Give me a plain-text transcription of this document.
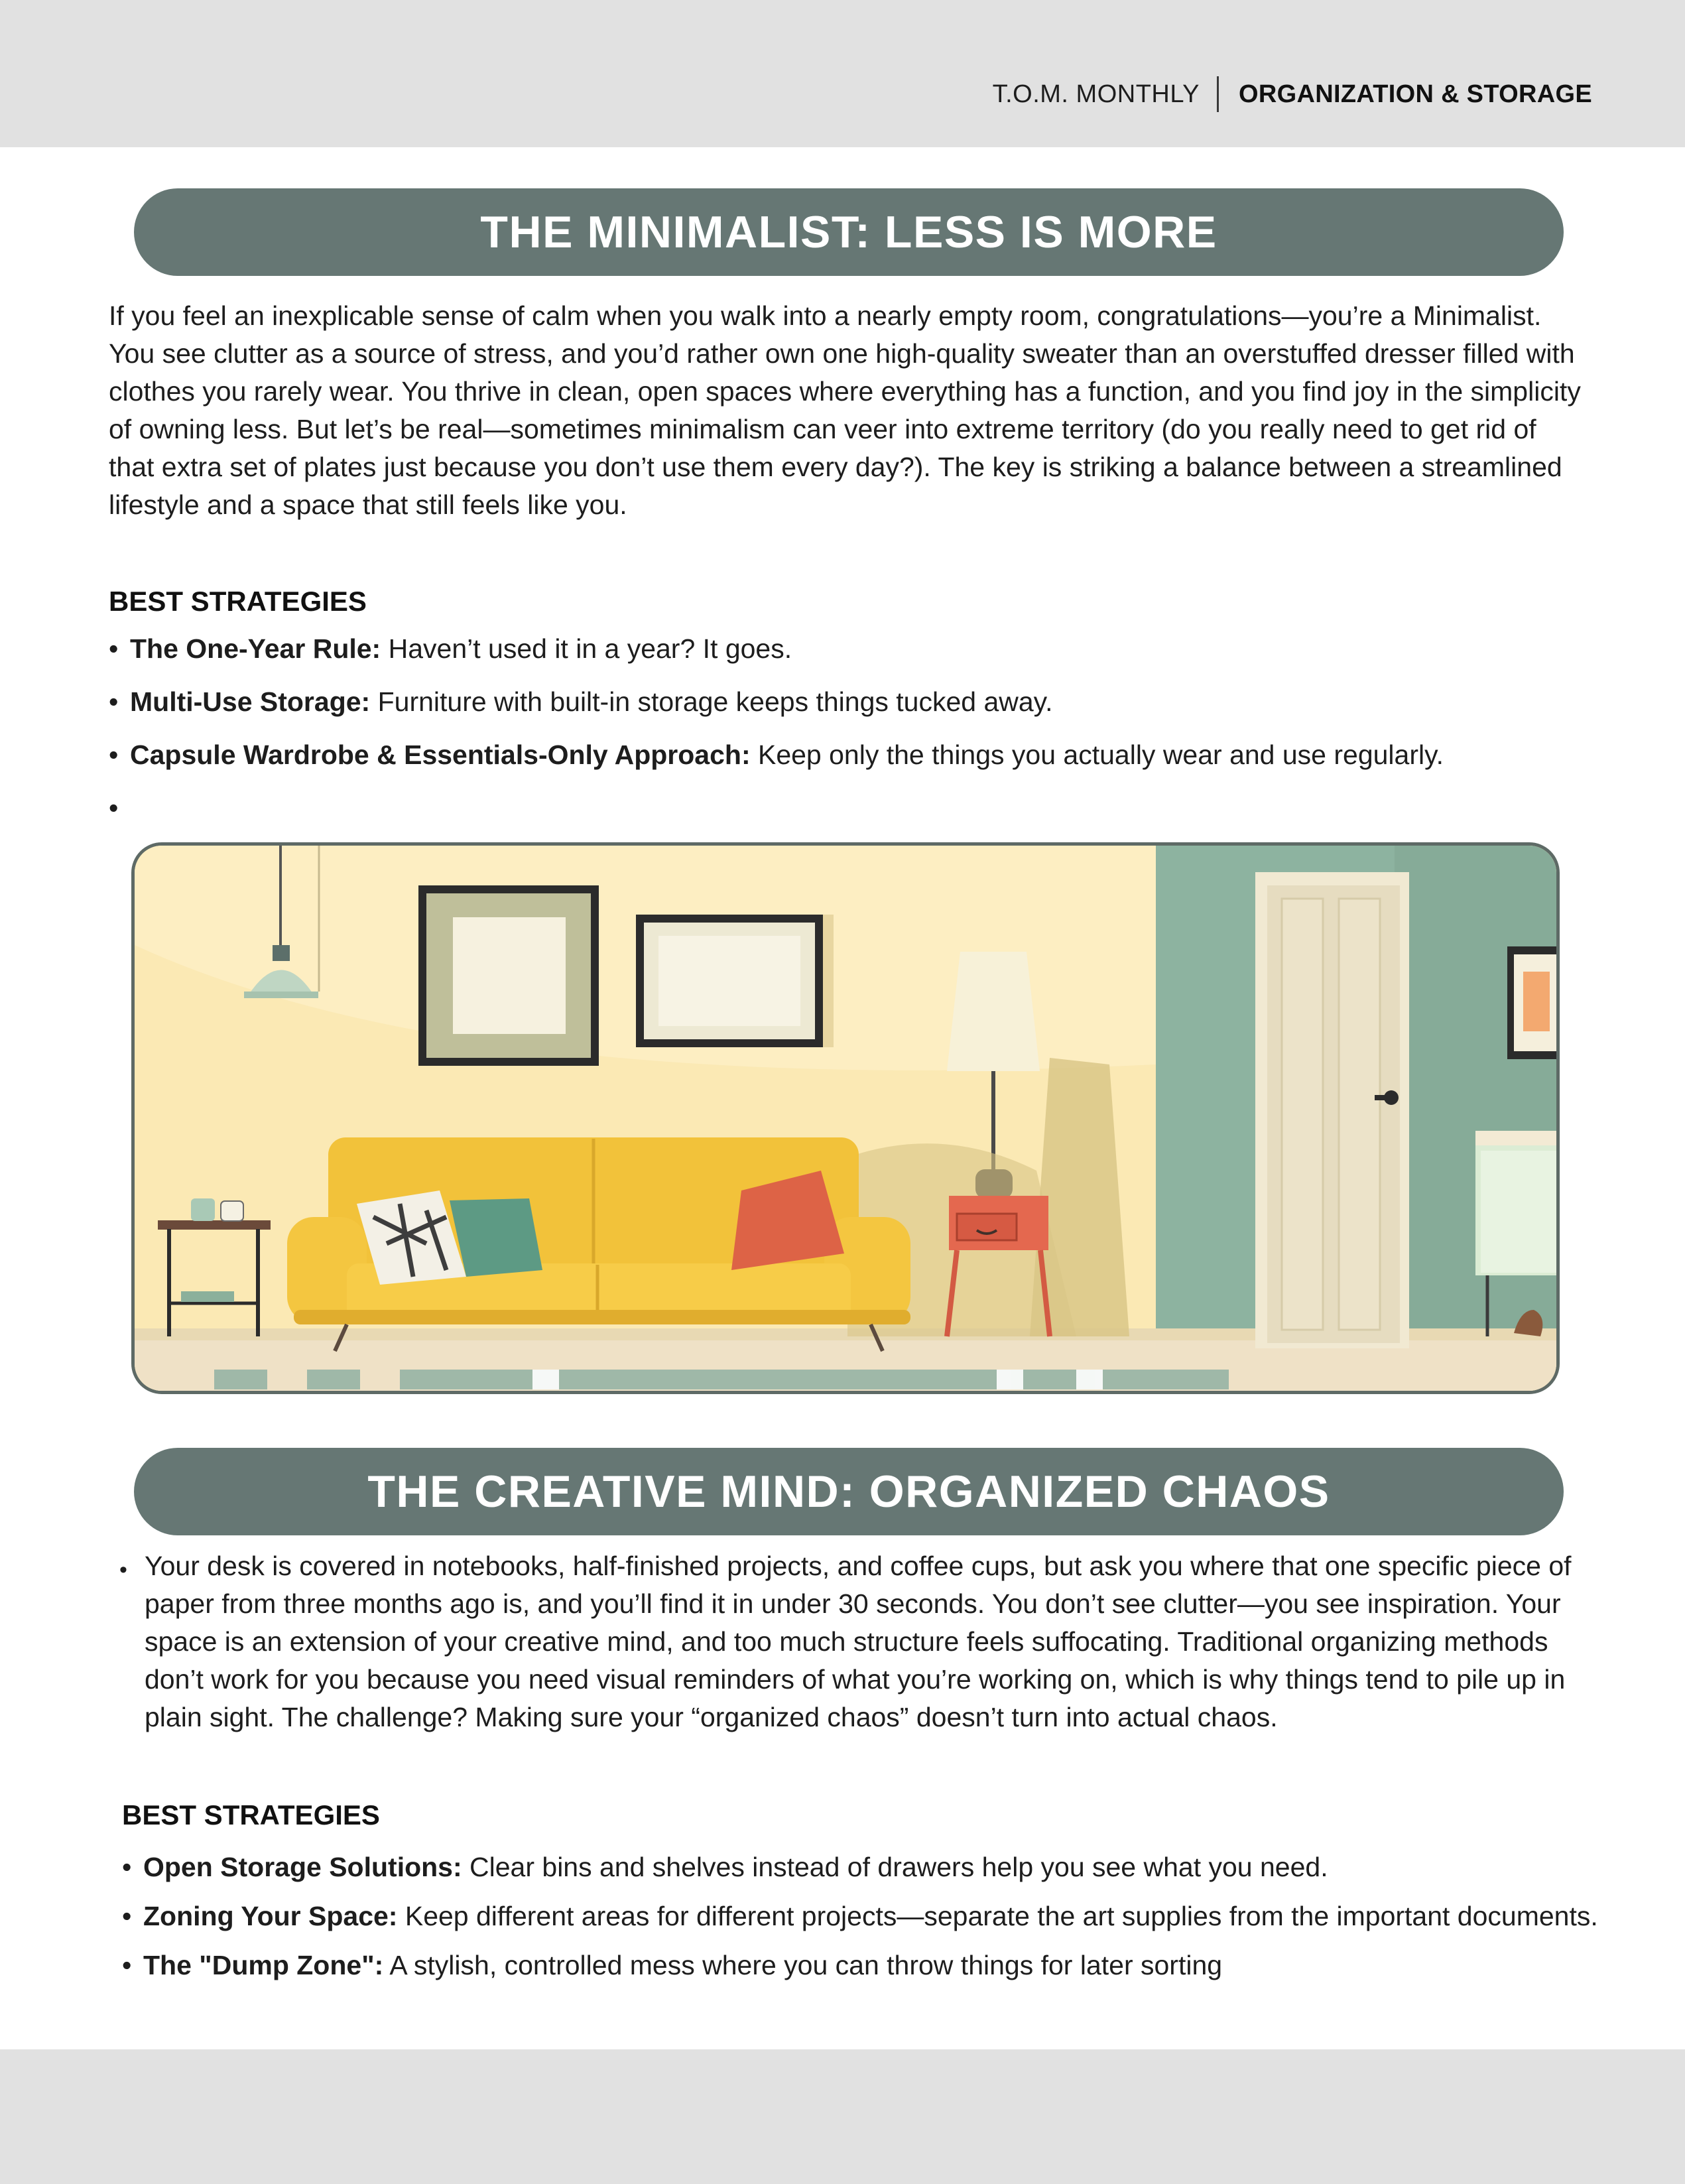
T.O.M. MONTHLY	ORGANIZATION & STORAGE
THE MINIMALIST: LESS IS MORE

If you feel an inexplicable sense of calm when you walk into a nearly empty room, congratulations—you’re a Minimalist. You see clutter as a source of stress, and you’d rather own one high-quality sweater than an overstuffed dresser filled with clothes you rarely wear. You thrive in clean, open spaces where everything has a function, and you find joy in the simplicity of owning less. But let’s be real—sometimes minimalism can veer into extreme territory (do you really need to get rid of that extra set of plates just because you don’t use them every day?). The key is striking a balance between a streamlined lifestyle and a space that still feels like you.

BEST STRATEGIES
• The One-Year Rule: Haven’t used it in a year? It goes.
• Multi-Use Storage: Furniture with built-in storage keeps things tucked away.
• Capsule Wardrobe & Essentials-Only Approach: Keep only the things you actually wear and use regularly.
•
THE CREATIVE MIND: ORGANIZED CHAOS
• Your desk is covered in notebooks, half-finished projects, and coffee cups, but ask you where that one specific piece of paper from three months ago is, and you’ll find it in under 30 seconds. You don’t see clutter—you see inspiration. Your space is an extension of your creative mind, and too much structure feels suffocating. Traditional organizing methods don’t work for you because you need visual reminders of what you’re working on, which is why things tend to pile up in plain sight. The challenge? Making sure your “organized chaos” doesn’t turn into actual chaos.

BEST STRATEGIES
• Open Storage Solutions: Clear bins and shelves instead of drawers help you see what you need.
• Zoning Your Space: Keep different areas for different projects—separate the art supplies from the important documents.
• The "Dump Zone": A stylish, controlled mess where you can throw things for later sorting
